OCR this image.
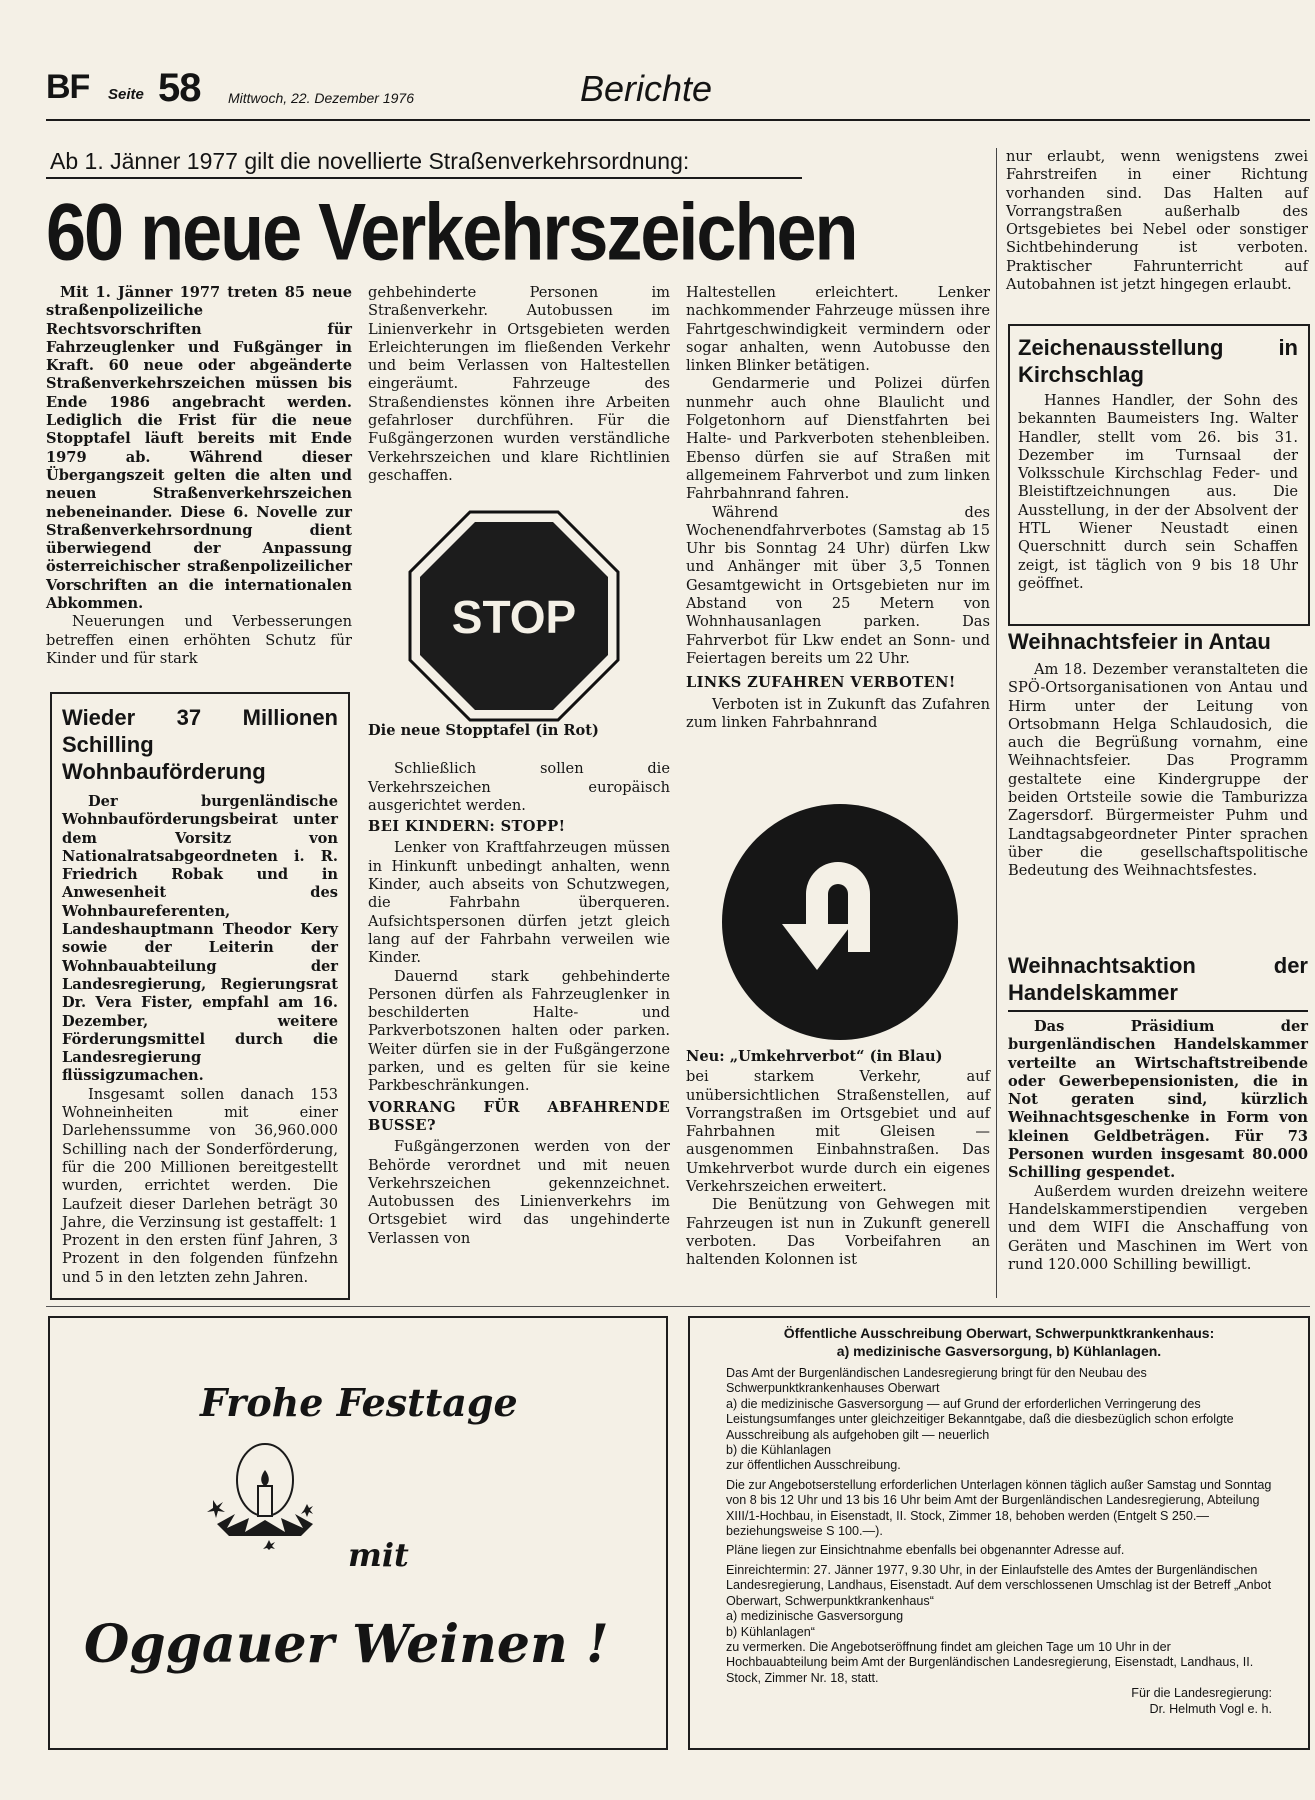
BF Seite 58 Mittwoch, 22. Dezember 1976	Berichte
Ab 1. Jänner 1977 gilt die novellierte Straßenverkehrsordnung:
60 neue Verkehrszeichen

Mit 1. Jänner 1977 treten 85 neue straßenpolizeiliche Rechtsvorschriften für Fahrzeuglenker und Fußgänger in Kraft. 60 neue oder abgeänderte Straßenverkehrszeichen müssen bis Ende 1986 angebracht werden. Lediglich die Frist für die neue Stopptafel läuft bereits mit Ende 1979 ab. Während dieser Übergangszeit gelten die alten und neuen Straßenverkehrszeichen nebeneinander. Diese 6. Novelle zur Straßenverkehrsordnung dient überwiegend der Anpassung österreichischer straßenpolizeilicher Vorschriften an die internationalen Abkommen.

Neuerungen und Verbesserungen betreffen einen erhöhten Schutz für Kinder und für stark

Wieder 37 Millionen Schilling Wohnbauförderung

Der burgenländische Wohnbauförderungsbeirat unter dem Vorsitz von Nationalratsabgeordneten i. R. Friedrich Robak und in Anwesenheit des Wohnbaureferenten, Landeshauptmann Theodor Kery sowie der Leiterin der Wohnbauabteilung der Landesregierung, Regierungsrat Dr. Vera Fister, empfahl am 16. Dezember, weitere Förderungsmittel durch die Landesregierung flüssigzumachen.

Insgesamt sollen danach 153 Wohneinheiten mit einer Darlehenssumme von 36,960.000 Schilling nach der Sonderförderung, für die 200 Millionen bereitgestellt wurden, errichtet werden. Die Laufzeit dieser Darlehen beträgt 30 Jahre, die Verzinsung ist gestaffelt: 1 Prozent in den ersten fünf Jahren, 3 Prozent in den folgenden fünfzehn und 5 in den letzten zehn Jahren.

gehbehinderte Personen im Straßenverkehr. Autobussen im Linienverkehr in Ortsgebieten werden Erleichterungen im fließenden Verkehr und beim Verlassen von Haltestellen eingeräumt. Fahrzeuge des Straßendienstes können ihre Arbeiten gefahrloser durchführen. Für die Fußgängerzonen wurden verständliche Verkehrszeichen und klare Richtlinien geschaffen.

STOP
Die neue Stopptafel (in Rot)

Schließlich sollen die Verkehrszeichen europäisch ausgerichtet werden.

BEI KINDERN: STOPP!

Lenker von Kraftfahrzeugen müssen in Hinkunft unbedingt anhalten, wenn Kinder, auch abseits von Schutzwegen, die Fahrbahn überqueren. Aufsichtspersonen dürfen jetzt gleich lang auf der Fahrbahn verweilen wie Kinder.

Dauernd stark gehbehinderte Personen dürfen als Fahrzeuglenker in beschilderten Halte- und Parkverbotszonen halten oder parken. Weiter dürfen sie in der Fußgängerzone parken, und es gelten für sie keine Parkbeschränkungen.

VORRANG FÜR ABFAHRENDE BUSSE?

Fußgängerzonen werden von der Behörde verordnet und mit neuen Verkehrszeichen gekennzeichnet. Autobussen des Linienverkehrs im Ortsgebiet wird das ungehinderte Verlassen von

Haltestellen erleichtert. Lenker nachkommender Fahrzeuge müssen ihre Fahrtgeschwindigkeit vermindern oder sogar anhalten, wenn Autobusse den linken Blinker betätigen.

Gendarmerie und Polizei dürfen nunmehr auch ohne Blaulicht und Folgetonhorn auf Dienstfahrten bei Halte- und Parkverboten stehenbleiben. Ebenso dürfen sie auf Straßen mit allgemeinem Fahrverbot und zum linken Fahrbahnrand fahren.

Während des Wochenendfahrverbotes (Samstag ab 15 Uhr bis Sonntag 24 Uhr) dürfen Lkw und Anhänger mit über 3,5 Tonnen Gesamtgewicht in Ortsgebieten nur im Abstand von 25 Metern von Wohnhausanlagen parken. Das Fahrverbot für Lkw endet an Sonn- und Feiertagen bereits um 22 Uhr.

LINKS ZUFAHREN VERBOTEN!

Verboten ist in Zukunft das Zufahren zum linken Fahrbahnrand

Neu: „Umkehrverbot“ (in Blau)

bei starkem Verkehr, auf unübersichtlichen Straßenstellen, auf Vorrangstraßen im Ortsgebiet und auf Fahrbahnen mit Gleisen — ausgenommen Einbahnstraßen. Das Umkehrverbot wurde durch ein eigenes Verkehrszeichen erweitert.

Die Benützung von Gehwegen mit Fahrzeugen ist nun in Zukunft generell verboten. Das Vorbeifahren an haltenden Kolonnen ist

nur erlaubt, wenn wenigstens zwei Fahrstreifen in einer Richtung vorhanden sind. Das Halten auf Vorrangstraßen außerhalb des Ortsgebietes bei Nebel oder sonstiger Sichtbehinderung ist verboten. Praktischer Fahrunterricht auf Autobahnen ist jetzt hingegen erlaubt.

Zeichenausstellung in Kirchschlag

Hannes Handler, der Sohn des bekannten Baumeisters Ing. Walter Handler, stellt vom 26. bis 31. Dezember im Turnsaal der Volksschule Kirchschlag Feder- und Bleistiftzeichnungen aus. Die Ausstellung, in der der Absolvent der HTL Wiener Neustadt einen Querschnitt durch sein Schaffen zeigt, ist täglich von 9 bis 18 Uhr geöffnet.

Weihnachtsfeier in Antau

Am 18. Dezember veranstalteten die SPÖ-Ortsorganisationen von Antau und Hirm unter der Leitung von Ortsobmann Helga Schlaudosich, die auch die Begrüßung vornahm, eine Weihnachtsfeier. Das Programm gestaltete eine Kindergruppe der beiden Ortsteile sowie die Tamburizza Zagersdorf. Bürgermeister Puhm und Landtagsabgeordneter Pinter sprachen über die gesellschaftspolitische Bedeutung des Weihnachtsfestes.

Weihnachtsaktion der Handelskammer

Das Präsidium der burgenländischen Handelskammer verteilte an Wirtschaftstreibende oder Gewerbepensionisten, die in Not geraten sind, kürzlich Weihnachtsgeschenke in Form von kleinen Geldbeträgen. Für 73 Personen wurden insgesamt 80.000 Schilling gespendet.

Außerdem wurden dreizehn weitere Handelskammerstipendien vergeben und dem WIFI die Anschaffung von Geräten und Maschinen im Wert von rund 120.000 Schilling bewilligt.

Frohe Festtage
mit
Oggauer Weinen !
Öffentliche Ausschreibung Oberwart, Schwerpunktkrankenhaus:
a) medizinische Gasversorgung, b) Kühlanlagen.

Das Amt der Burgenländischen Landesregierung bringt für den Neubau des Schwerpunktkrankenhauses Oberwart

a) die medizinische Gasversorgung — auf Grund der erforderlichen Verringerung des Leistungsumfanges unter gleichzeitiger Bekanntgabe, daß die diesbezüglich schon erfolgte Ausschreibung als aufgehoben gilt — neuerlich

b) die Kühlanlagen

zur öffentlichen Ausschreibung.

Die zur Angebotserstellung erforderlichen Unterlagen können täglich außer Samstag und Sonntag von 8 bis 12 Uhr und 13 bis 16 Uhr beim Amt der Burgenländischen Landesregierung, Abteilung XIII/1-Hochbau, in Eisenstadt, II. Stock, Zimmer 18, behoben werden (Entgelt S 250.— beziehungsweise S 100.—).

Pläne liegen zur Einsichtnahme ebenfalls bei obgenannter Adresse auf.

Einreichtermin: 27. Jänner 1977, 9.30 Uhr, in der Einlaufstelle des Amtes der Burgenländischen Landesregierung, Landhaus, Eisenstadt. Auf dem verschlossenen Umschlag ist der Betreff „Anbot Oberwart, Schwerpunktkrankenhaus“

a) medizinische Gasversorgung

b) Kühlanlagen“

zu vermerken. Die Angebotseröffnung findet am gleichen Tage um 10 Uhr in der Hochbauabteilung beim Amt der Burgenländischen Landesregierung, Eisenstadt, Landhaus, II. Stock, Zimmer Nr. 18, statt.

Für die Landesregierung:

Dr. Helmuth Vogl e. h.
